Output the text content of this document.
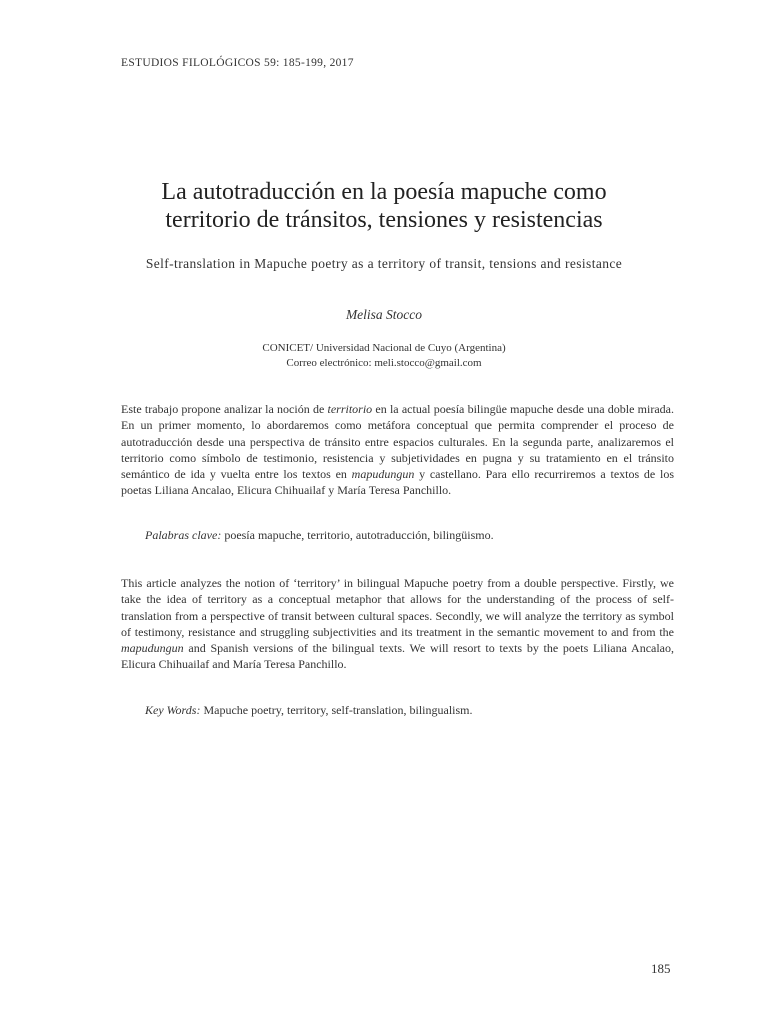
ESTUDIOS FILOLÓGICOS 59: 185-199, 2017
La autotraducción en la poesía mapuche como
territorio de tránsitos, tensiones y resistencias
Self-translation in Mapuche poetry as a territory of transit, tensions and resistance
Melisa Stocco
CONICET/ Universidad Nacional de Cuyo (Argentina)
Correo electrónico: meli.stocco@gmail.com
Este trabajo propone analizar la noción de territorio en la actual poesía bilingüe mapuche desde una doble mirada. En un primer momento, lo abordaremos como metáfora conceptual que permita comprender el proceso de autotraducción desde una perspectiva de tránsito entre espacios culturales. En la segunda parte, analizaremos el territorio como símbolo de testimonio, resistencia y subjetividades en pugna y su tratamiento en el tránsito semántico de ida y vuelta entre los textos en mapudungun y castellano. Para ello recurriremos a textos de los poetas Liliana Ancalao, Elicura Chihuailaf y María Teresa Panchillo.
Palabras clave: poesía mapuche, territorio, autotraducción, bilingüismo.
This article analyzes the notion of ‘territory’ in bilingual Mapuche poetry from a double perspective. Firstly, we take the idea of territory as a conceptual metaphor that allows for the understanding of the process of self-translation from a perspective of transit between cultural spaces. Secondly, we will analyze the territory as symbol of testimony, resistance and struggling subjectivities and its treatment in the semantic movement to and from the mapudungun and Spanish versions of the bilingual texts. We will resort to texts by the poets Liliana Ancalao, Elicura Chihuailaf and María Teresa Panchillo.
Key Words: Mapuche poetry, territory, self-translation, bilingualism.
185
